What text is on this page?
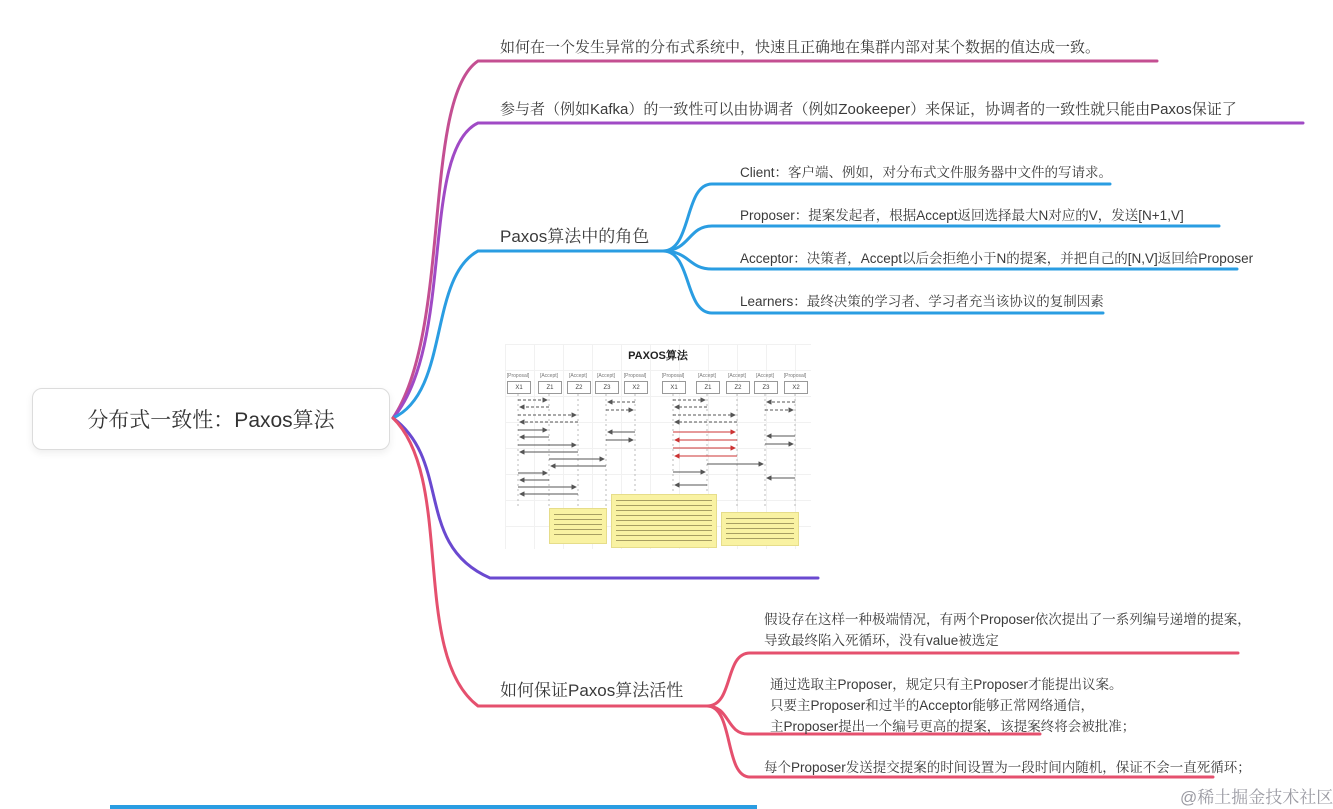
分布式一致性：Paxos算法
如何在一个发生异常的分布式系统中，快速且正确地在集群内部对某个数据的值达成一致。
参与者（例如Kafka）的一致性可以由协调者（例如Zookeeper）来保证，协调者的一致性就只能由Paxos保证了
Paxos算法中的角色
Client：客户端、例如，对分布式文件服务器中文件的写请求。
Proposer：提案发起者，根据Accept返回选择最大N对应的V，发送[N+1,V]
Acceptor：决策者，Accept以后会拒绝小于N的提案，并把自己的[N,V]返回给Proposer
Learners：最终决策的学习者、学习者充当该协议的复制因素
如何保证Paxos算法活性
假设存在这样一种极端情况，有两个Proposer依次提出了一系列编号递增的提案，
导致最终陷入死循环，没有value被选定
通过选取主Proposer，规定只有主Proposer才能提出议案。
只要主Proposer和过半的Acceptor能够正常网络通信，
主Proposer提出一个编号更高的提案，该提案终将会被批准；
每个Proposer发送提交提案的时间设置为一段时间内随机，保证不会一直死循环；
PAXOS算法
[Proposal] [Accept] [Accept] [Accept] [Proposal]
X1	Z1	Z2	Z3	X2
[Proposal]	[Accept] [Accept] [Accept] [Proposal]
X1	Z1	Z2	Z3	X2
@稀土掘金技术社区
